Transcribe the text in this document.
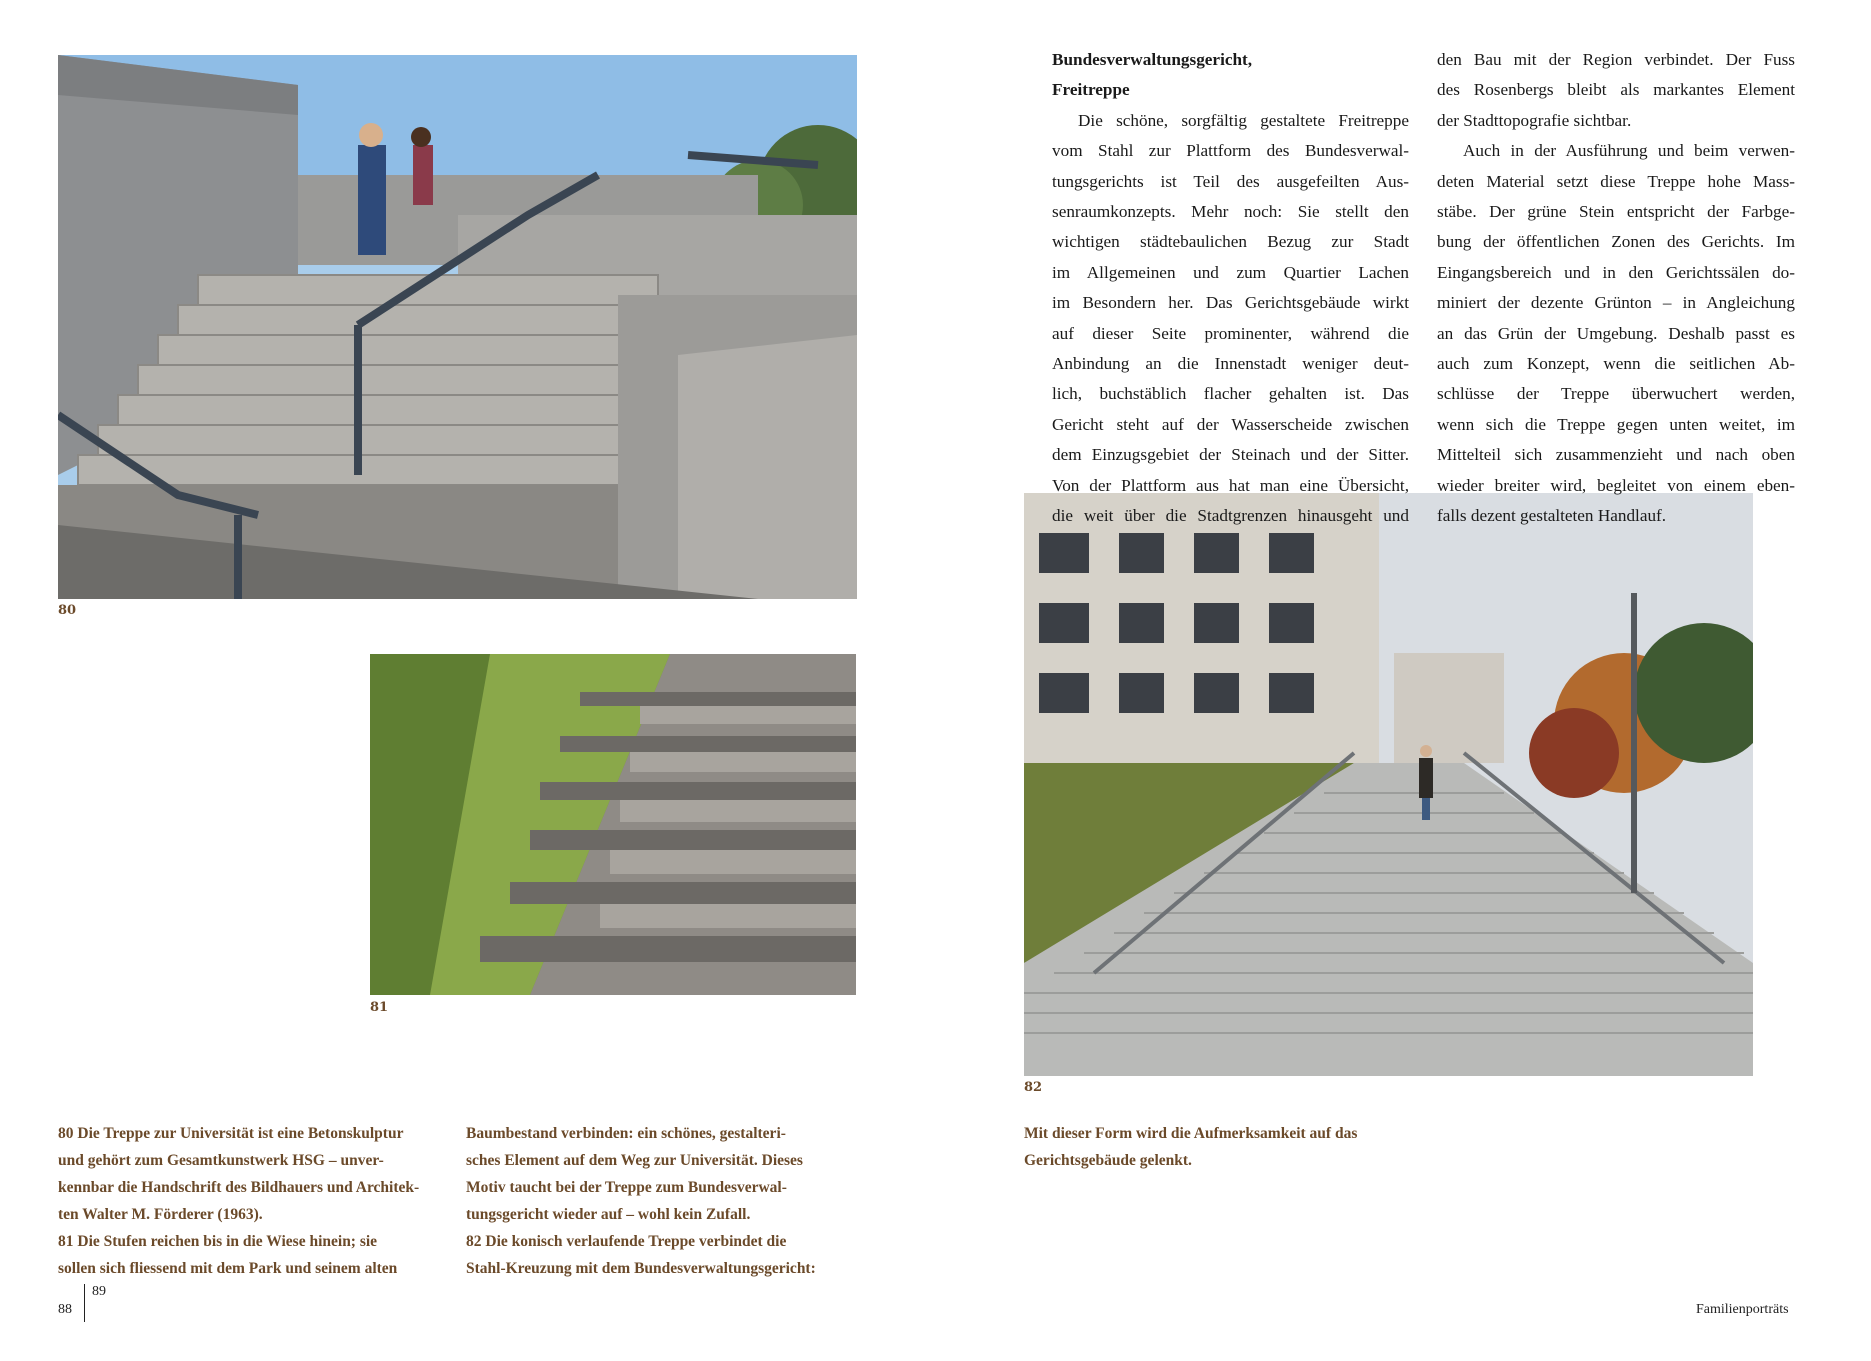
80
81
82
Bundesverwaltungsgericht,
Freitreppe
Die schöne, sorgfältig gestaltete Freitreppe
vom Stahl zur Plattform des Bundesverwal-
tungsgerichts ist Teil des ausgefeilten Aus-
senraumkonzepts. Mehr noch: Sie stellt den
wichtigen städtebaulichen Bezug zur Stadt
im Allgemeinen und zum Quartier Lachen
im Besondern her. Das Gerichtsgebäude wirkt
auf dieser Seite prominenter, während die
Anbindung an die Innenstadt weniger deut-
lich, buchstäblich flacher gehalten ist. Das
Gericht steht auf der Wasserscheide zwischen
dem Einzugsgebiet der Steinach und der Sitter.
Von der Plattform aus hat man eine Übersicht,
die weit über die Stadtgrenzen hinausgeht und
den Bau mit der Region verbindet. Der Fuss
des Rosenbergs bleibt als markantes Element
der Stadttopografie sichtbar.
Auch in der Ausführung und beim verwen-
deten Material setzt diese Treppe hohe Mass-
stäbe. Der grüne Stein entspricht der Farbge-
bung der öffentlichen Zonen des Gerichts. Im
Eingangsbereich und in den Gerichtssälen do-
miniert der dezente Grünton – in Angleichung
an das Grün der Umgebung. Deshalb passt es
auch zum Konzept, wenn die seitlichen Ab-
schlüsse der Treppe überwuchert werden,
wenn sich die Treppe gegen unten weitet, im
Mittelteil sich zusammenzieht und nach oben
wieder breiter wird, begleitet von einem eben-
falls dezent gestalteten Handlauf.
80 Die Treppe zur Universität ist eine Betonskulptur
und gehört zum Gesamtkunstwerk HSG – unver-
kennbar die Handschrift des Bildhauers und Architek-
ten Walter M. Förderer (1963).
81 Die Stufen reichen bis in die Wiese hinein; sie
sollen sich fliessend mit dem Park und seinem alten
Baumbestand verbinden: ein schönes, gestalteri-
sches Element auf dem Weg zur Universität. Dieses
Motiv taucht bei der Treppe zum Bundesverwal-
tungsgericht wieder auf – wohl kein Zufall.
82 Die konisch verlaufende Treppe verbindet die
Stahl-Kreuzung mit dem Bundesverwaltungsgericht:
Mit dieser Form wird die Aufmerksamkeit auf das
Gerichtsgebäude gelenkt.
88
89
Familienporträts
